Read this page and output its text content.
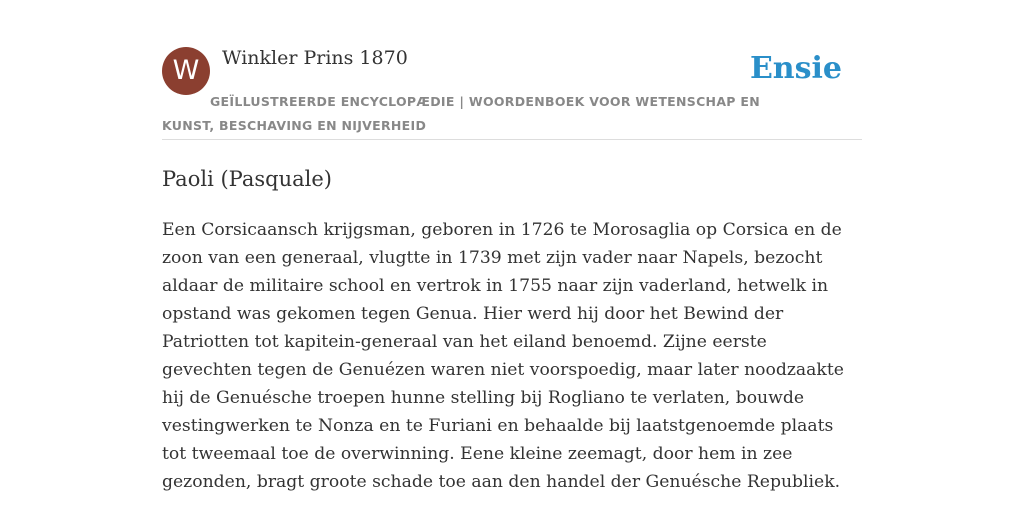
W	Winkler Prins 1870	Ensie
GEÏLLUSTREERDE ENCYCLOPÆDIE | WOORDENBOEK VOOR WETENSCHAP EN KUNST, BESCHAVING EN NIJVERHEID
Paoli (Pasquale)

Een Corsicaansch krijgsman, geboren in 1726 te Morosaglia op Corsica en de zoon van een generaal, vlugtte in 1739 met zijn vader naar Napels, bezocht aldaar de militaire school en vertrok in 1755 naar zijn vaderland, hetwelk in opstand was gekomen tegen Genua. Hier werd hij door het Bewind der Patriotten tot kapitein-generaal van het eiland benoemd. Zijne eerste gevechten tegen de Genuézen waren niet voorspoedig, maar later noodzaakte hij de Genuésche troepen hunne stelling bij Rogliano te verlaten, bouwde vestingwerken te Nonza en te Furiani en behaalde bij laatstgenoemde plaats tot tweemaal toe de overwinning. Eene kleine zeemagt, door hem in zee gezonden, bragt groote schade toe aan den handel der Genuésche Republiek.
